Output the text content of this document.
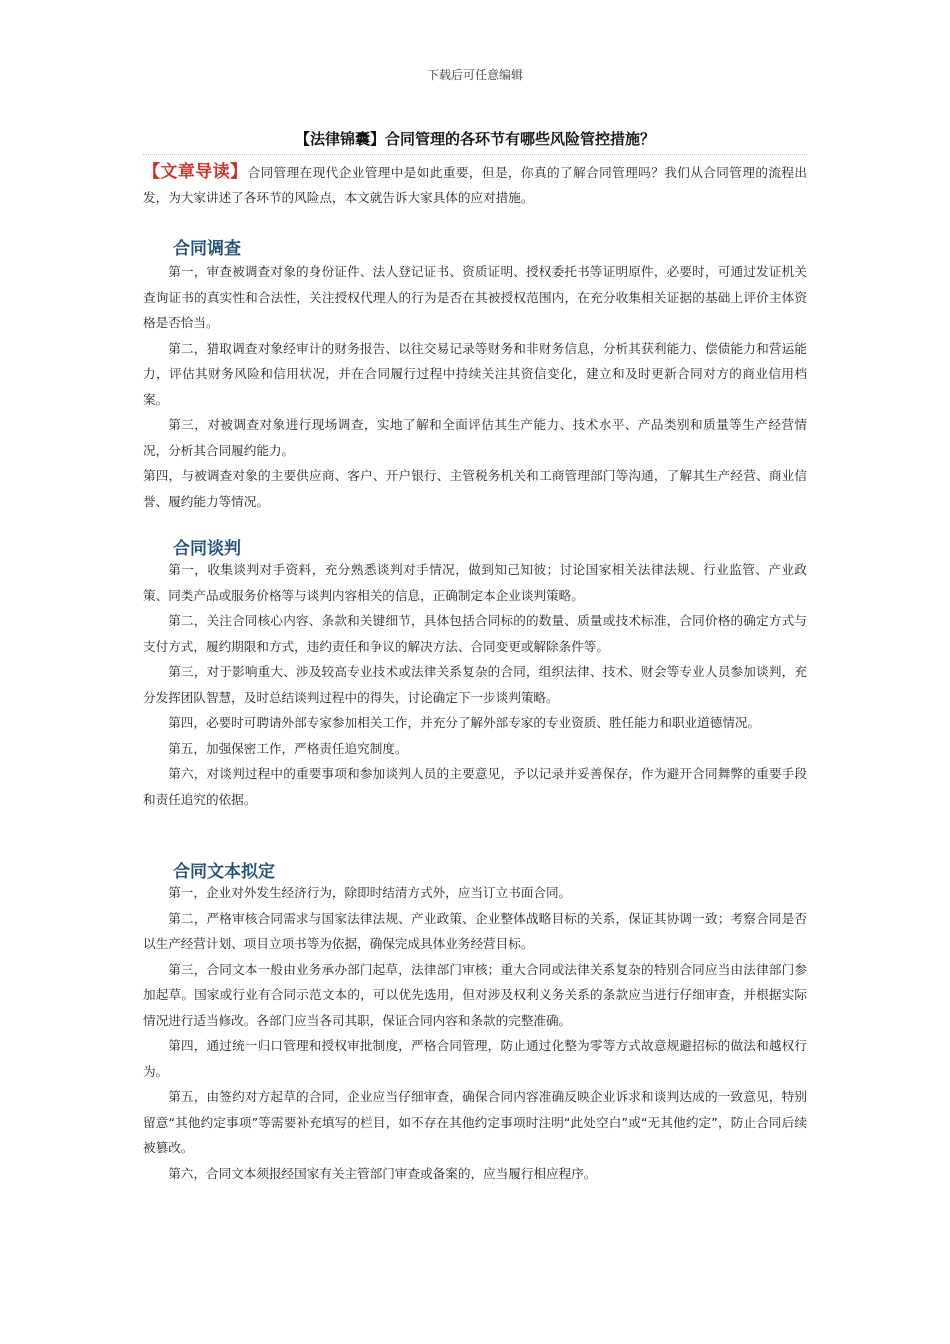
下载后可任意编辑
【法律锦囊】合同管理的各环节有哪些风险管控措施？
【文章导读】合同管理在现代企业管理中是如此重要，但是，你真的了解合同管理吗？我们从合同管理的流程出发，为大家讲述了各环节的风险点，本文就告诉大家具体的应对措施。
合同调查

第一，审查被调查对象的身份证件、法人登记证书、资质证明、授权委托书等证明原件，必要时，可通过发证机关查询证书的真实性和合法性，关注授权代理人的行为是否在其被授权范围内，在充分收集相关证据的基础上评价主体资格是否恰当。

第二，猎取调查对象经审计的财务报告、以往交易记录等财务和非财务信息，分析其获利能力、偿债能力和营运能力，评估其财务风险和信用状况，并在合同履行过程中持续关注其资信变化，建立和及时更新合同对方的商业信用档案。

第三，对被调查对象进行现场调查，实地了解和全面评估其生产能力、技术水平、产品类别和质量等生产经营情况，分析其合同履约能力。

第四，与被调查对象的主要供应商、客户、开户银行、主管税务机关和工商管理部门等沟通，了解其生产经营、商业信誉、履约能力等情况。

合同谈判

第一，收集谈判对手资料，充分熟悉谈判对手情况，做到知己知彼；讨论国家相关法律法规、行业监管、产业政策、同类产品或服务价格等与谈判内容相关的信息，正确制定本企业谈判策略。

第二，关注合同核心内容、条款和关键细节，具体包括合同标的的数量、质量或技术标准，合同价格的确定方式与支付方式，履约期限和方式，违约责任和争议的解决方法、合同变更或解除条件等。

第三，对于影响重大、涉及较高专业技术或法律关系复杂的合同，组织法律、技术、财会等专业人员参加谈判，充分发挥团队智慧，及时总结谈判过程中的得失，讨论确定下一步谈判策略。

第四，必要时可聘请外部专家参加相关工作，并充分了解外部专家的专业资质、胜任能力和职业道德情况。

第五，加强保密工作，严格责任追究制度。

第六，对谈判过程中的重要事项和参加谈判人员的主要意见，予以记录并妥善保存，作为避开合同舞弊的重要手段和责任追究的依据。

合同文本拟定

第一，企业对外发生经济行为，除即时结清方式外，应当订立书面合同。

第二，严格审核合同需求与国家法律法规、产业政策、企业整体战略目标的关系，保证其协调一致；考察合同是否以生产经营计划、项目立项书等为依据，确保完成具体业务经营目标。

第三，合同文本一般由业务承办部门起草，法律部门审核；重大合同或法律关系复杂的特别合同应当由法律部门参加起草。国家或行业有合同示范文本的，可以优先选用，但对涉及权利义务关系的条款应当进行仔细审查，并根据实际情况进行适当修改。各部门应当各司其职，保证合同内容和条款的完整准确。

第四，通过统一归口管理和授权审批制度，严格合同管理，防止通过化整为零等方式故意规避招标的做法和越权行为。

第五，由签约对方起草的合同，企业应当仔细审查，确保合同内容准确反映企业诉求和谈判达成的一致意见，特别留意“其他约定事项”等需要补充填写的栏目，如不存在其他约定事项时注明“此处空白”或“无其他约定”，防止合同后续被篡改。

第六，合同文本须报经国家有关主管部门审查或备案的，应当履行相应程序。
